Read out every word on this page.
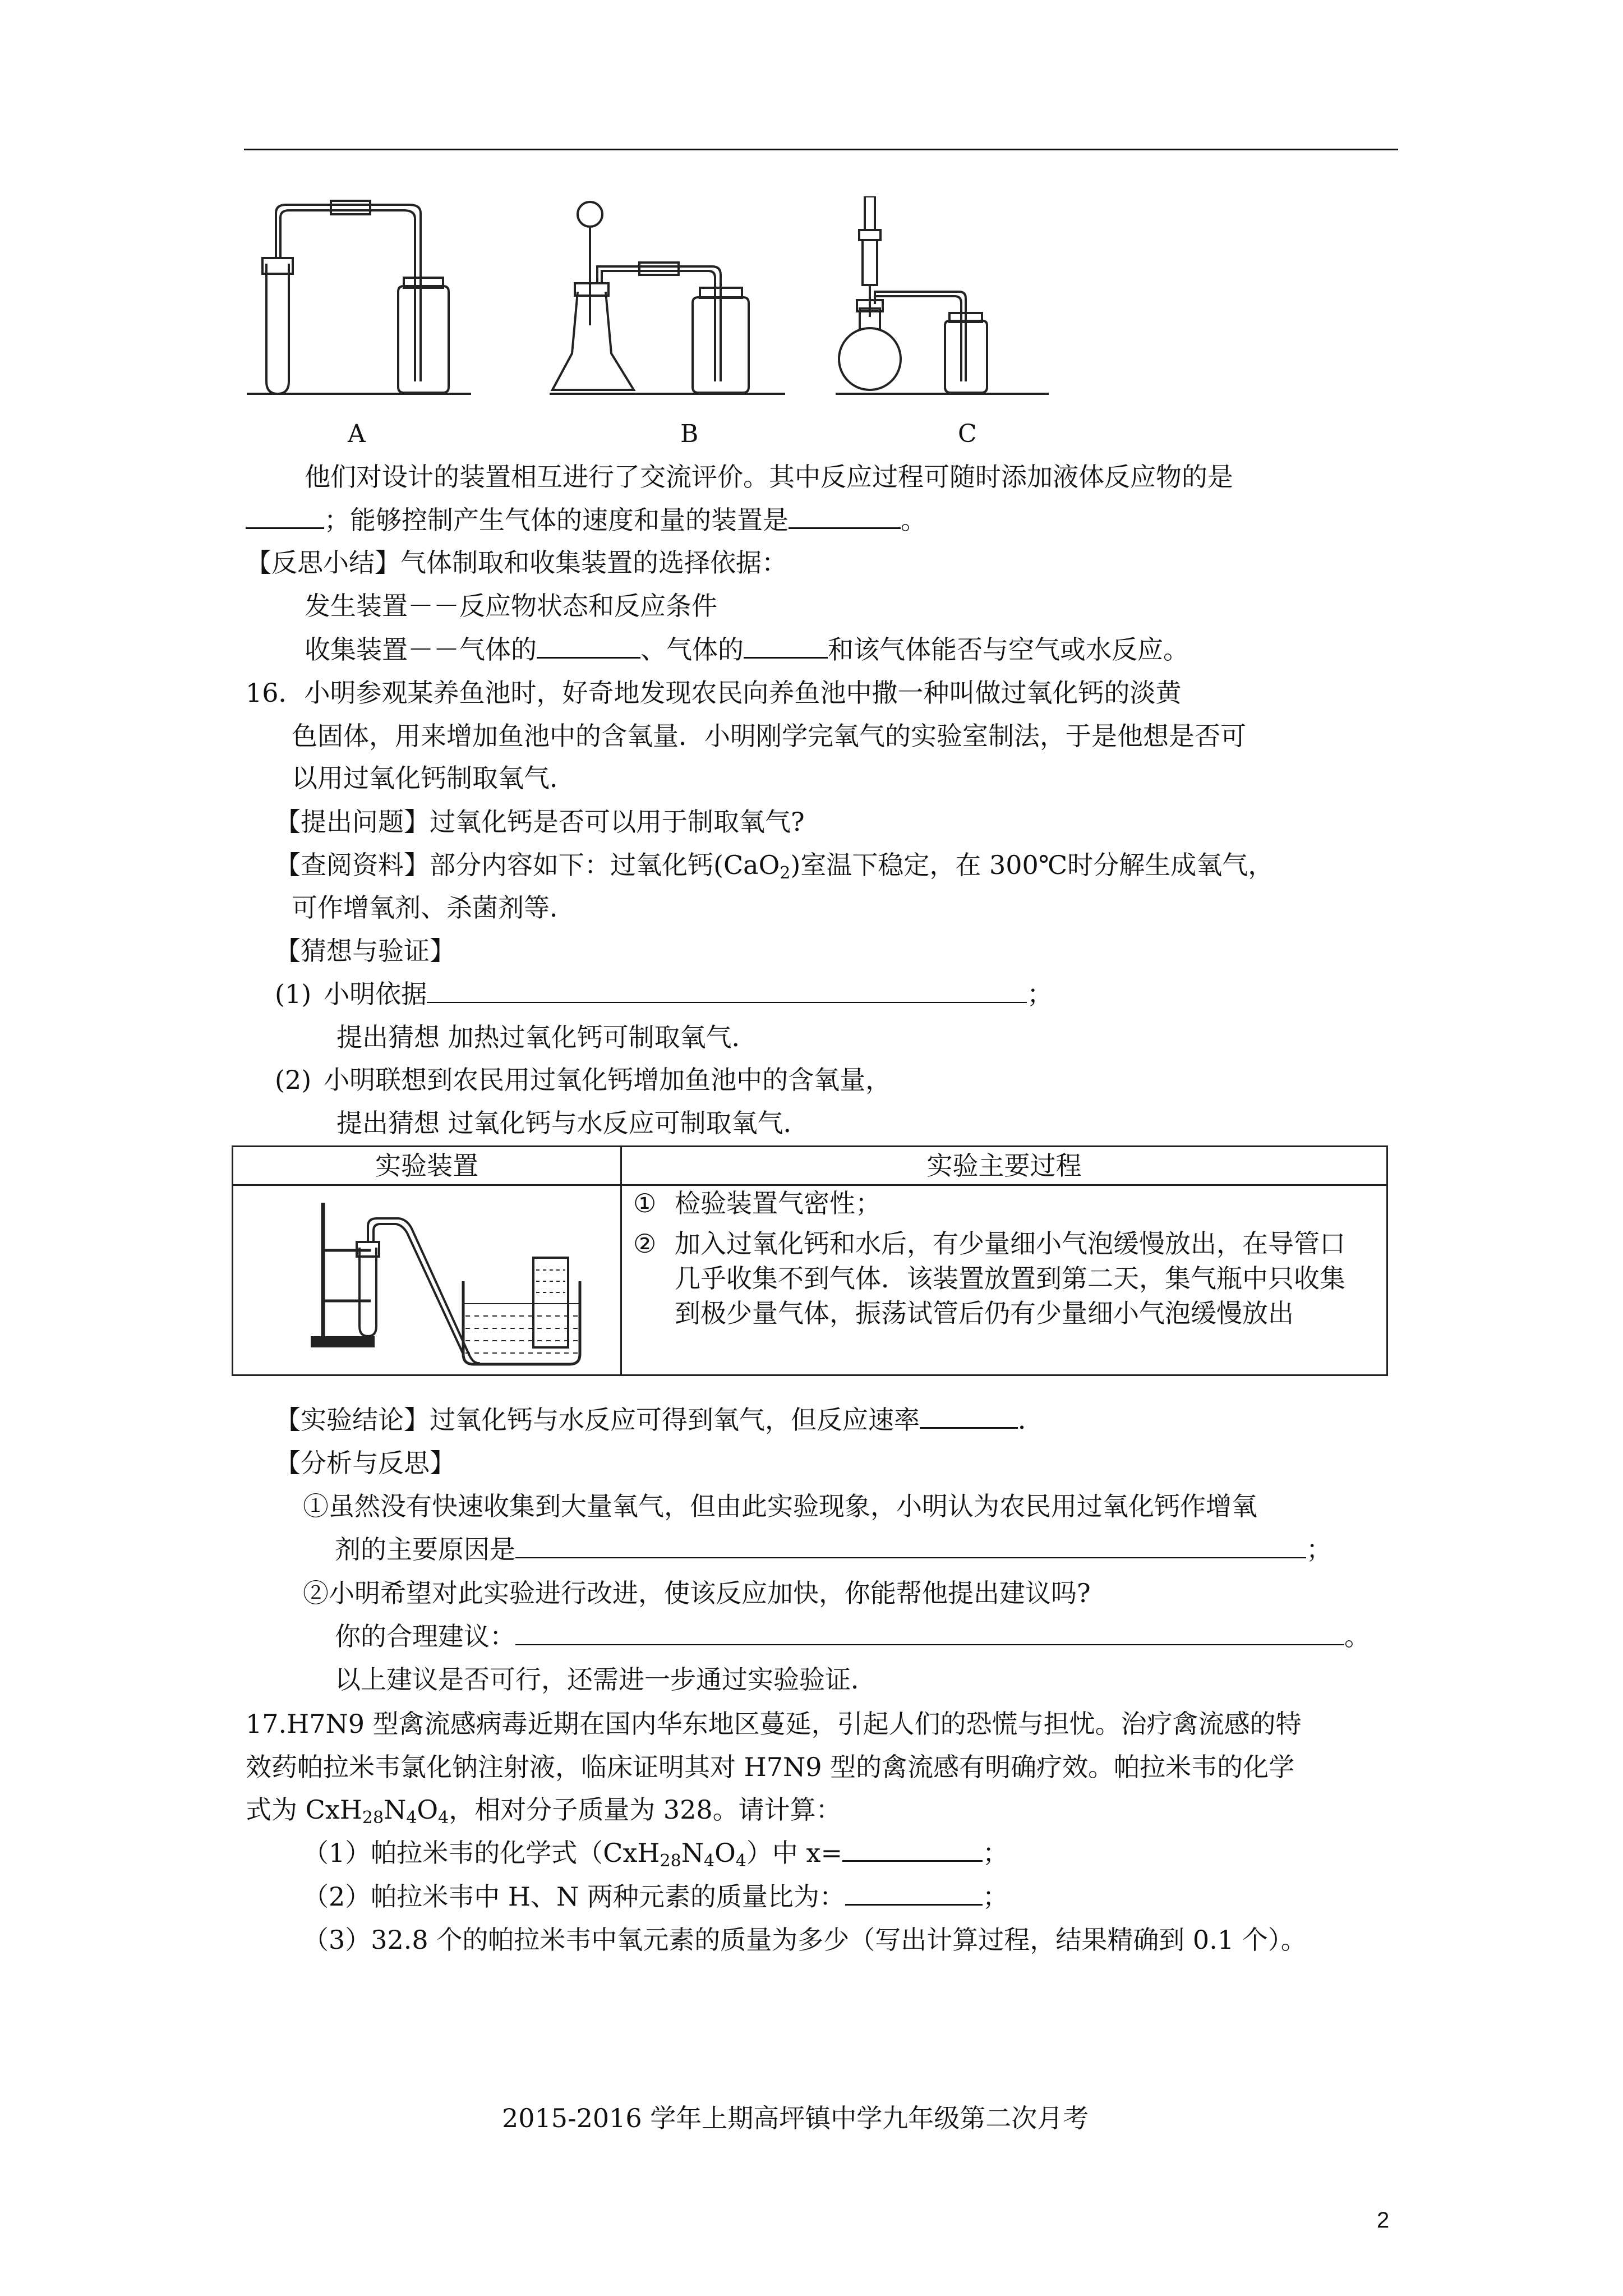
A	B	C
他们对设计的装置相互进行了交流评价。其中反应过程可随时添加液体反应物的是
；能够控制产生气体的速度和量的装置是	。
【反思小结】气体制取和收集装置的选择依据：
发生装置－－反应物状态和反应条件
收集装置－－气体的	、气体的	和该气体能否与空气或水反应。
16．小明参观某养鱼池时，好奇地发现农民向养鱼池中撒一种叫做过氧化钙的淡黄
色固体，用来增加鱼池中的含氧量．小明刚学完氧气的实验室制法，于是他想是否可
以用过氧化钙制取氧气．
【提出问题】过氧化钙是否可以用于制取氧气?
【查阅资料】部分内容如下：过氧化钙(CaO$_2$)室温下稳定，在 300℃时分解生成氧气，
可作增氧剂、杀菌剂等．
【猜想与验证】
(1) 小明依据	；
提出猜想 加热过氧化钙可制取氧气．
(2) 小明联想到农民用过氧化钙增加鱼池中的含氧量，
提出猜想 过氧化钙与水反应可制取氧气．
实验装置	实验主要过程

① 检验装置气密性；
② 加入过氧化钙和水后，有少量细小气泡缓慢放出，在导管口几乎收集不到气体．该装置放置到第二天，集气瓶中只收集到极少量气体，振荡试管后仍有少量细小气泡缓慢放出
【实验结论】过氧化钙与水反应可得到氧气，但反应速率	．
【分析与反思】
①虽然没有快速收集到大量氧气，但由此实验现象，小明认为农民用过氧化钙作增氧
剂的主要原因是	；
②小明希望对此实验进行改进，使该反应加快，你能帮他提出建议吗?
你的合理建议：	。
以上建议是否可行，还需进一步通过实验验证．
17.H7N9 型禽流感病毒近期在国内华东地区蔓延，引起人们的恐慌与担忧。治疗禽流感的特
效药帕拉米韦氯化钠注射液，临床证明其对 H7N9 型的禽流感有明确疗效。帕拉米韦的化学
式为 $CxH_{28}N_4O_4$，相对分子质量为 328。请计算：
（1）帕拉米韦的化学式$(CxH_{28}N_4O_4)$中 x=	；
（2）帕拉米韦中 H、N 两种元素的质量比为：	；
（3）32.8 个的帕拉米韦中氧元素的质量为多少（写出计算过程，结果精确到 0.1 个）。
2015-2016 学年上期高坪镇中学九年级第二次月考
2
